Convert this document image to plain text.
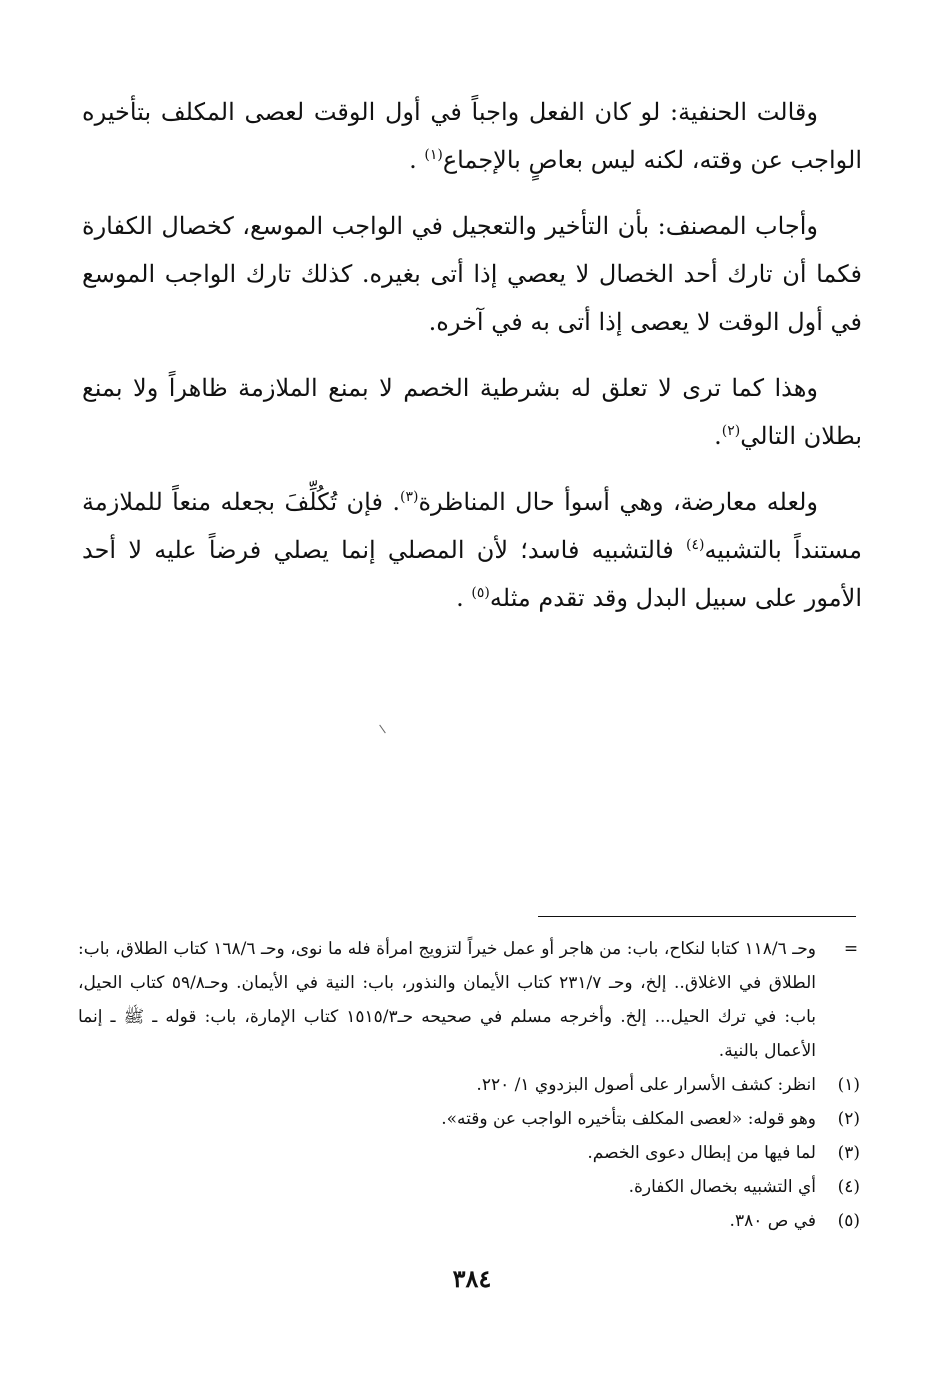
وقالت الحنفية: لو كان الفعل واجباً في أول الوقت لعصى المكلف بتأخيره الواجب عن وقته، لكنه ليس بعاصٍ بالإجماع$^{(١)}$ .

وأجاب المصنف: بأن التأخير والتعجيل في الواجب الموسع، كخصال الكفارة فكما أن تارك أحد الخصال لا يعصي إذا أتى بغيره. كذلك تارك الواجب الموسع في أول الوقت لا يعصى إذا أتى به في آخره.

وهذا كما ترى لا تعلق له بشرطية الخصم لا بمنع الملازمة ظاهراً ولا بمنع بطلان التالي$^{(٢)}$.

ولعله معارضة، وهي أسوأ حال المناظرة$^{(٣)}$. فإن تُكُلِّفَ بجعله منعاً للملازمة مستنداً بالتشبيه$^{(٤)}$ فالتشبيه فاسد؛ لأن المصلي إنما يصلي فرضاً عليه لا أحد الأمور على سبيل البدل وقد تقدم مثله$^{(٥)}$ .

=
وحـ ١١٨/٦ كتابا لنكاح، باب: من هاجر أو عمل خيراً لتزويج امرأة فله ما نوى، وحـ ١٦٨/٦ كتاب الطلاق، باب: الطلاق في الاغلاق.. إلخ، وحـ ٢٣١/٧ كتاب الأيمان والنذور، باب: النية في الأيمان. وحـ٥٩/٨ كتاب الحيل، باب: في ترك الحيل... إلخ. وأخرجه مسلم في صحيحه حـ١٥١٥/٣ كتاب الإمارة، باب: قوله ـ ﷺ ـ إنما الأعمال بالنية.
(١)
انظر: كشف الأسرار على أصول البزدوي ١/ ٢٢٠.
(٢)
وهو قوله: «لعصى المكلف بتأخيره الواجب عن وقته».
(٣)
لما فيها من إبطال دعوى الخصم.
(٤)
أي التشبيه بخصال الكفارة.
(٥)
في ص ٣٨٠.
٣٨٤
